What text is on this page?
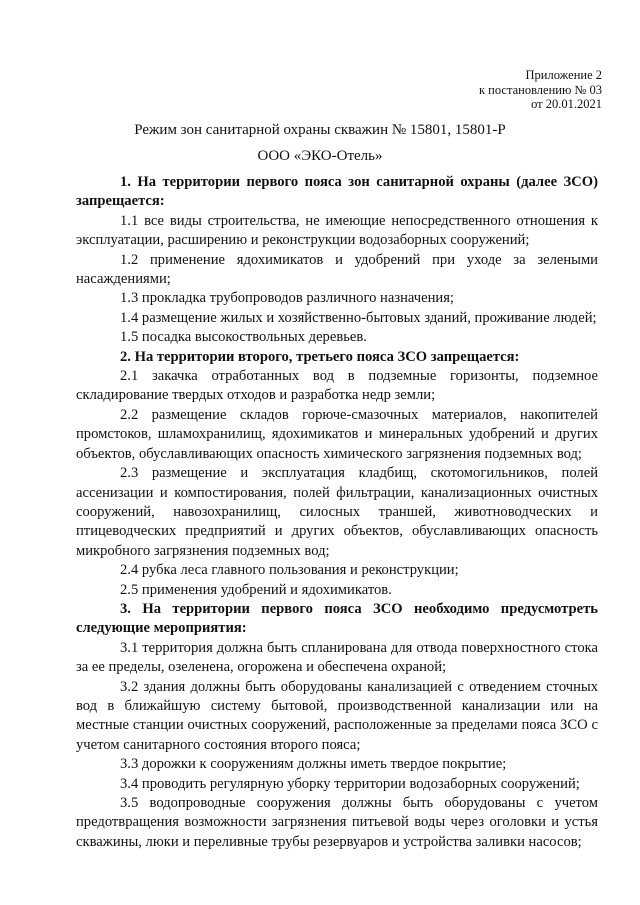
Приложение 2
к постановлению № 03
от 20.01.2021
Режим зон санитарной охраны скважин № 15801, 15801-Р
ООО «ЭКО-Отель»

1. На территории первого пояса зон санитарной охраны (далее ЗСО) запрещается:

1.1 все виды строительства, не имеющие непосредственного отношения к эксплуатации, расширению и реконструкции водозаборных сооружений;

1.2 применение ядохимикатов и удобрений при уходе за зелеными насаждениями;

1.3 прокладка трубопроводов различного назначения;

1.4 размещение жилых и хозяйственно-бытовых зданий, проживание людей;

1.5 посадка высокоствольных деревьев.

2. На территории второго, третьего пояса ЗСО запрещается:

2.1 закачка отработанных вод в подземные горизонты, подземное складирование твердых отходов и разработка недр земли;

2.2 размещение складов горюче-смазочных материалов, накопителей промстоков, шламохранилищ, ядохимикатов и минеральных удобрений и других объектов, обуславливающих опасность химического загрязнения подземных вод;

2.3 размещение и эксплуатация кладбищ, скотомогильников, полей ассенизации и компостирования, полей фильтрации, канализационных очистных сооружений, навозохранилищ, силосных траншей, животноводческих и птицеводческих предприятий и других объектов, обуславливающих опасность микробного загрязнения подземных вод;

2.4 рубка леса главного пользования и реконструкции;

2.5 применения удобрений и ядохимикатов.

3. На территории первого пояса ЗСО необходимо предусмотреть следующие мероприятия:

3.1 территория должна быть спланирована для отвода поверхностного стока за ее пределы, озеленена, огорожена и обеспечена охраной;

3.2 здания должны быть оборудованы канализацией с отведением сточных вод в ближайшую систему бытовой, производственной канализации или на местные станции очистных сооружений, расположенные за пределами пояса ЗСО с учетом санитарного состояния второго пояса;

3.3 дорожки к сооружениям должны иметь твердое покрытие;

3.4 проводить регулярную уборку территории водозаборных сооружений;

3.5 водопроводные сооружения должны быть оборудованы с учетом предотвращения возможности загрязнения питьевой воды через оголовки и устья скважины, люки и переливные трубы резервуаров и устройства заливки насосов;
